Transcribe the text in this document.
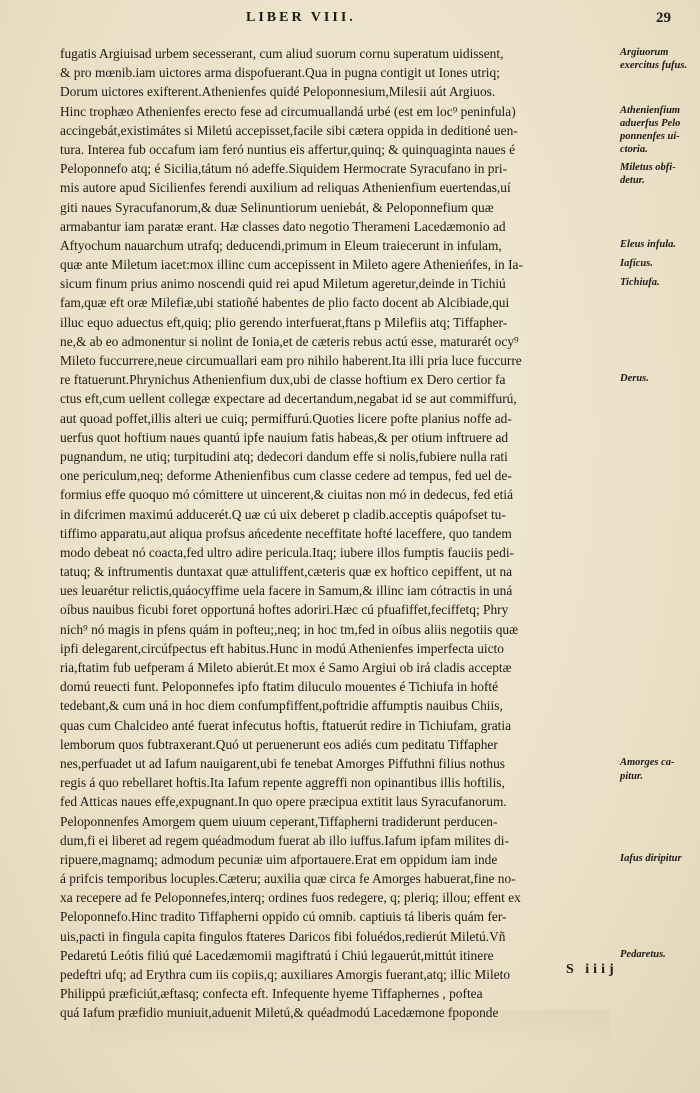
LIBER VIII.	29
fugatis Argiuisad urbem secesserant, cum aliud suorum cornu superatum uidissent,
& pro mœnib.iam uictores arma dispofuerant.Qua in pugna contigit ut Iones utriq;
Dorum uictores exifterent.Athenienfes quidé Peloponnesium,Milesii aút Argiuos.
Hinc trophæo Athenienfes erecto fese ad circumuallandá urbé (est em loc⁹ peninfula)
accingebát,existimátes si Miletú accepisset,facile sibi cætera oppida in deditioné uen-
tura. Interea fub occafum iam feró nuntius eis affertur,quinq; & quinquaginta naues é
Peloponnefo atq; é Sicilia,tátum nó adeffe.Siquidem Hermocrate Syracufano in pri-
mis autore apud Sicilienfes ferendi auxilium ad reliquas Athenienfium euertendas,uí
giti naues Syracufanorum,& duæ Selinuntiorum ueniebát, & Peloponnefium quæ
armabantur iam paratæ erant. Hæ classes dato negotio Therameni Lacedæmonio ad
Aftyochum nauarchum utrafq; deducendi,primum in Eleum traiecerunt in infulam,
quæ ante Miletum iacet:mox illinc cum accepissent in Mileto agere Athenieńfes, in Ia-
sicum finum prius animo noscendi quid rei apud Miletum ageretur,deinde in Tichiú
fam,quæ eft oræ Milefiæ,ubi statioñé habentes de plio facto docent ab Alcibiade,qui
illuc equo aduectus eft,quiq; plio gerendo interfuerat,ftans p Milefiis atq; Tiffapher-
ne,& ab eo admonentur si nolint de Ionia,et de cæteris rebus actú esse, maturarét ocy⁹
Mileto fuccurrere,neue circumuallari eam pro nihilo haberent.Ita illi pria luce fuccurre
re ftatuerunt.Phrynichus Athenienfium dux,ubi de classe hoftium ex Dero certior fa
ctus eft,cum uellent collegæ expectare ad decertandum,negabat id se aut commiffurú,
aut quoad poffet,illis alteri ue cuiq; permiffurú.Quoties licere pofte planius noffe ad-
uerfus quot hoftium naues quantú ipfe nauium fatis habeas,& per otium inftruere ad
pugnandum, ne utiq; turpitudini atq; dedecori dandum effe si nolis,fubiere nulla rati
one periculum,neq; deforme Athenienfibus cum classe cedere ad tempus, fed uel de-
formius effe quoquo mó cómittere ut uincerent,& ciuitas non mó in dedecus, fed etiá
in difcrimen maximú adducerét.Q uæ cú uix deberet p cladib.acceptis quápofset tu-
tiffimo apparatu,aut aliqua profsus ańcedente neceffitate hofté laceffere, quo tandem
modo debeat nó coacta,fed ultro adire pericula.Itaq; iubere illos fumptis fauciis pedi-
tatuq; & inftrumentis duntaxat quæ attuliffent,cæteris quæ ex hoftico cepiffent, ut na
ues leuarétur relictis,quáocyffime uela facere in Samum,& illinc iam cótractis in uná
oíbus nauibus ficubi foret opportuná hoftes adoriri.Hæc cú pfuafiffet,feciffetq; Phry
nich⁹ nó magis in pfens quám in pofteu;,neq; in hoc tm,fed in oíbus aliis negotiis quæ
ipfi delegarent,circúfpectus eft habitus.Hunc in modú Athenienfes imperfecta uicto
ria,ftatim fub uefperam á Mileto abierút.Et mox é Samo Argiui ob irá cladis acceptæ
domú reuecti funt. Peloponnefes ipfo ftatim diluculo mouentes é Tichiufa in hofté
tedebant,& cum uná in hoc diem confumpfiffent,poftridie affumptis nauibus Chiis,
quas cum Chalcideo anté fuerat infecutus hoftis, ftatuerút redire in Tichiufam, gratia
lemborum quos fubtraxerant.Quó ut peruenerunt eos adiés cum peditatu Tiffapher
nes,perfuadet ut ad Iafum nauigarent,ubi fe tenebat Amorges Piffuthni filius nothus
regis á quo rebellaret hoftis.Ita Iafum repente aggreffi non opinantibus illis hoftilis,
fed Atticas naues effe,expugnant.In quo opere præcipua extitit laus Syracufanorum.
Peloponnenfes Amorgem quem uiuum ceperant,Tiffapherni tradiderunt perducen-
dum,fi ei liberet ad regem quéadmodum fuerat ab illo iuffus.Iafum ipfam milites di-
ripuere,magnamq; admodum pecuniæ uim afportauere.Erat em oppidum iam inde
á prifcis temporibus locuples.Cæteru; auxilia quæ circa fe Amorges habuerat,fine no-
xa recepere ad fe Peloponnefes,interq; ordines fuos redegere, q; pleriq; illou; effent ex
Peloponnefo.Hinc tradito Tiffapherni oppido cú omnib. captiuis tá liberis quám fer-
uis,pacti in fingula capita fingulos ftateres Daricos fibi foluédos,redierút Miletú.Vñ
Pedaretú Leótis filiú qué Lacedæmomii magiftratú í Chiú legauerút,mittút itinere
pedeftri ufq; ad Erythra cum iis copiis,q; auxiliares Amorgis fuerant,atq; illic Mileto
Philippú præficiút,æftasq; confecta eft. Infequente hyeme Tiffaphernes , poftea
quá Iafum præfidio muniuit,aduenit Miletú,& quéadmodú Lacedæmone fpoponde
Argiuorum exercitus fufus.
Athenienfium aduerfus Pelo ponnenfes ui- ctoria.
Miletus obfi- detur.
Eleus infula.
Iafícus.
Tichiufa.
Derus.
Amorges ca- pitur.
Iafus diripitur
Pedaretus.
S iiij
